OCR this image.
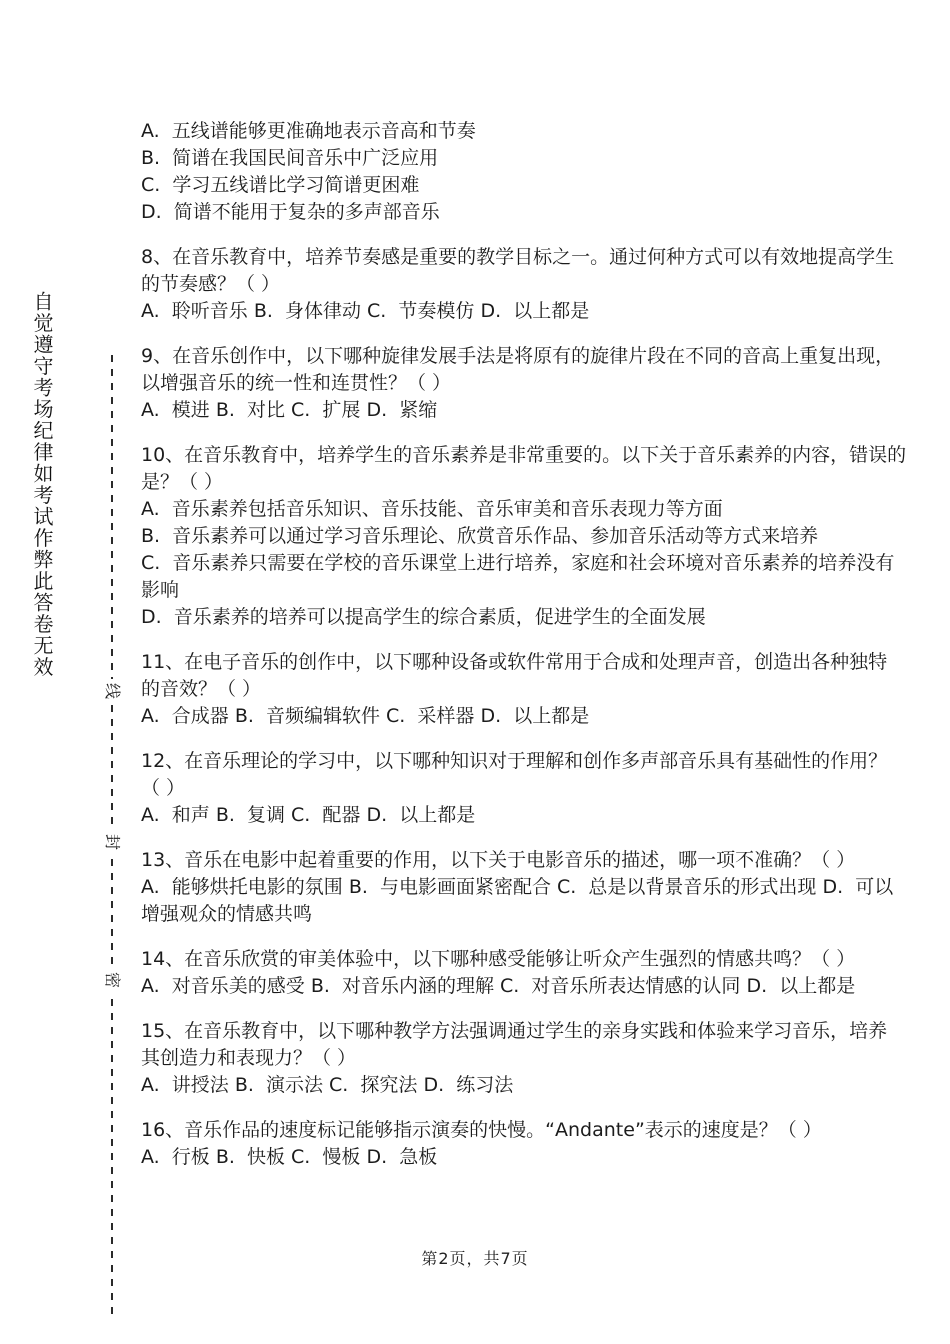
自觉遵守考场纪律如考试作弊此答卷无效
线
封
密
A.  五线谱能够更准确地表示音高和节奏
B.  简谱在我国民间音乐中广泛应用
C.  学习五线谱比学习简谱更困难
D.  简谱不能用于复杂的多声部音乐
8、在音乐教育中，培养节奏感是重要的教学目标之一。通过何种方式可以有效地提高学生
的节奏感？（ ）
A.  聆听音乐 B.  身体律动 C.  节奏模仿 D.  以上都是
9、在音乐创作中，以下哪种旋律发展手法是将原有的旋律片段在不同的音高上重复出现，
以增强音乐的统一性和连贯性？（ ）
A.  模进 B.  对比 C.  扩展 D.  紧缩
10、在音乐教育中，培养学生的音乐素养是非常重要的。以下关于音乐素养的内容，错误的
是？（ ）
A.  音乐素养包括音乐知识、音乐技能、音乐审美和音乐表现力等方面
B.  音乐素养可以通过学习音乐理论、欣赏音乐作品、参加音乐活动等方式来培养
C.  音乐素养只需要在学校的音乐课堂上进行培养，家庭和社会环境对音乐素养的培养没有
影响
D.  音乐素养的培养可以提高学生的综合素质，促进学生的全面发展
11、在电子音乐的创作中，以下哪种设备或软件常用于合成和处理声音，创造出各种独特
的音效？（ ）
A.  合成器 B.  音频编辑软件 C.  采样器 D.  以上都是
12、在音乐理论的学习中，以下哪种知识对于理解和创作多声部音乐具有基础性的作用？
（ ）
A.  和声 B.  复调 C.  配器 D.  以上都是
13、音乐在电影中起着重要的作用，以下关于电影音乐的描述，哪一项不准确？（ ）
A.  能够烘托电影的氛围 B.  与电影画面紧密配合 C.  总是以背景音乐的形式出现 D.  可以
增强观众的情感共鸣
14、在音乐欣赏的审美体验中，以下哪种感受能够让听众产生强烈的情感共鸣？（ ）
A.  对音乐美的感受 B.  对音乐内涵的理解 C.  对音乐所表达情感的认同 D.  以上都是
15、在音乐教育中，以下哪种教学方法强调通过学生的亲身实践和体验来学习音乐，培养
其创造力和表现力？（ ）
A.  讲授法 B.  演示法 C.  探究法 D.  练习法
16、音乐作品的速度标记能够指示演奏的快慢。“Andante”表示的速度是？（ ）
A.  行板 B.  快板 C.  慢板 D.  急板
第2页，共7页
